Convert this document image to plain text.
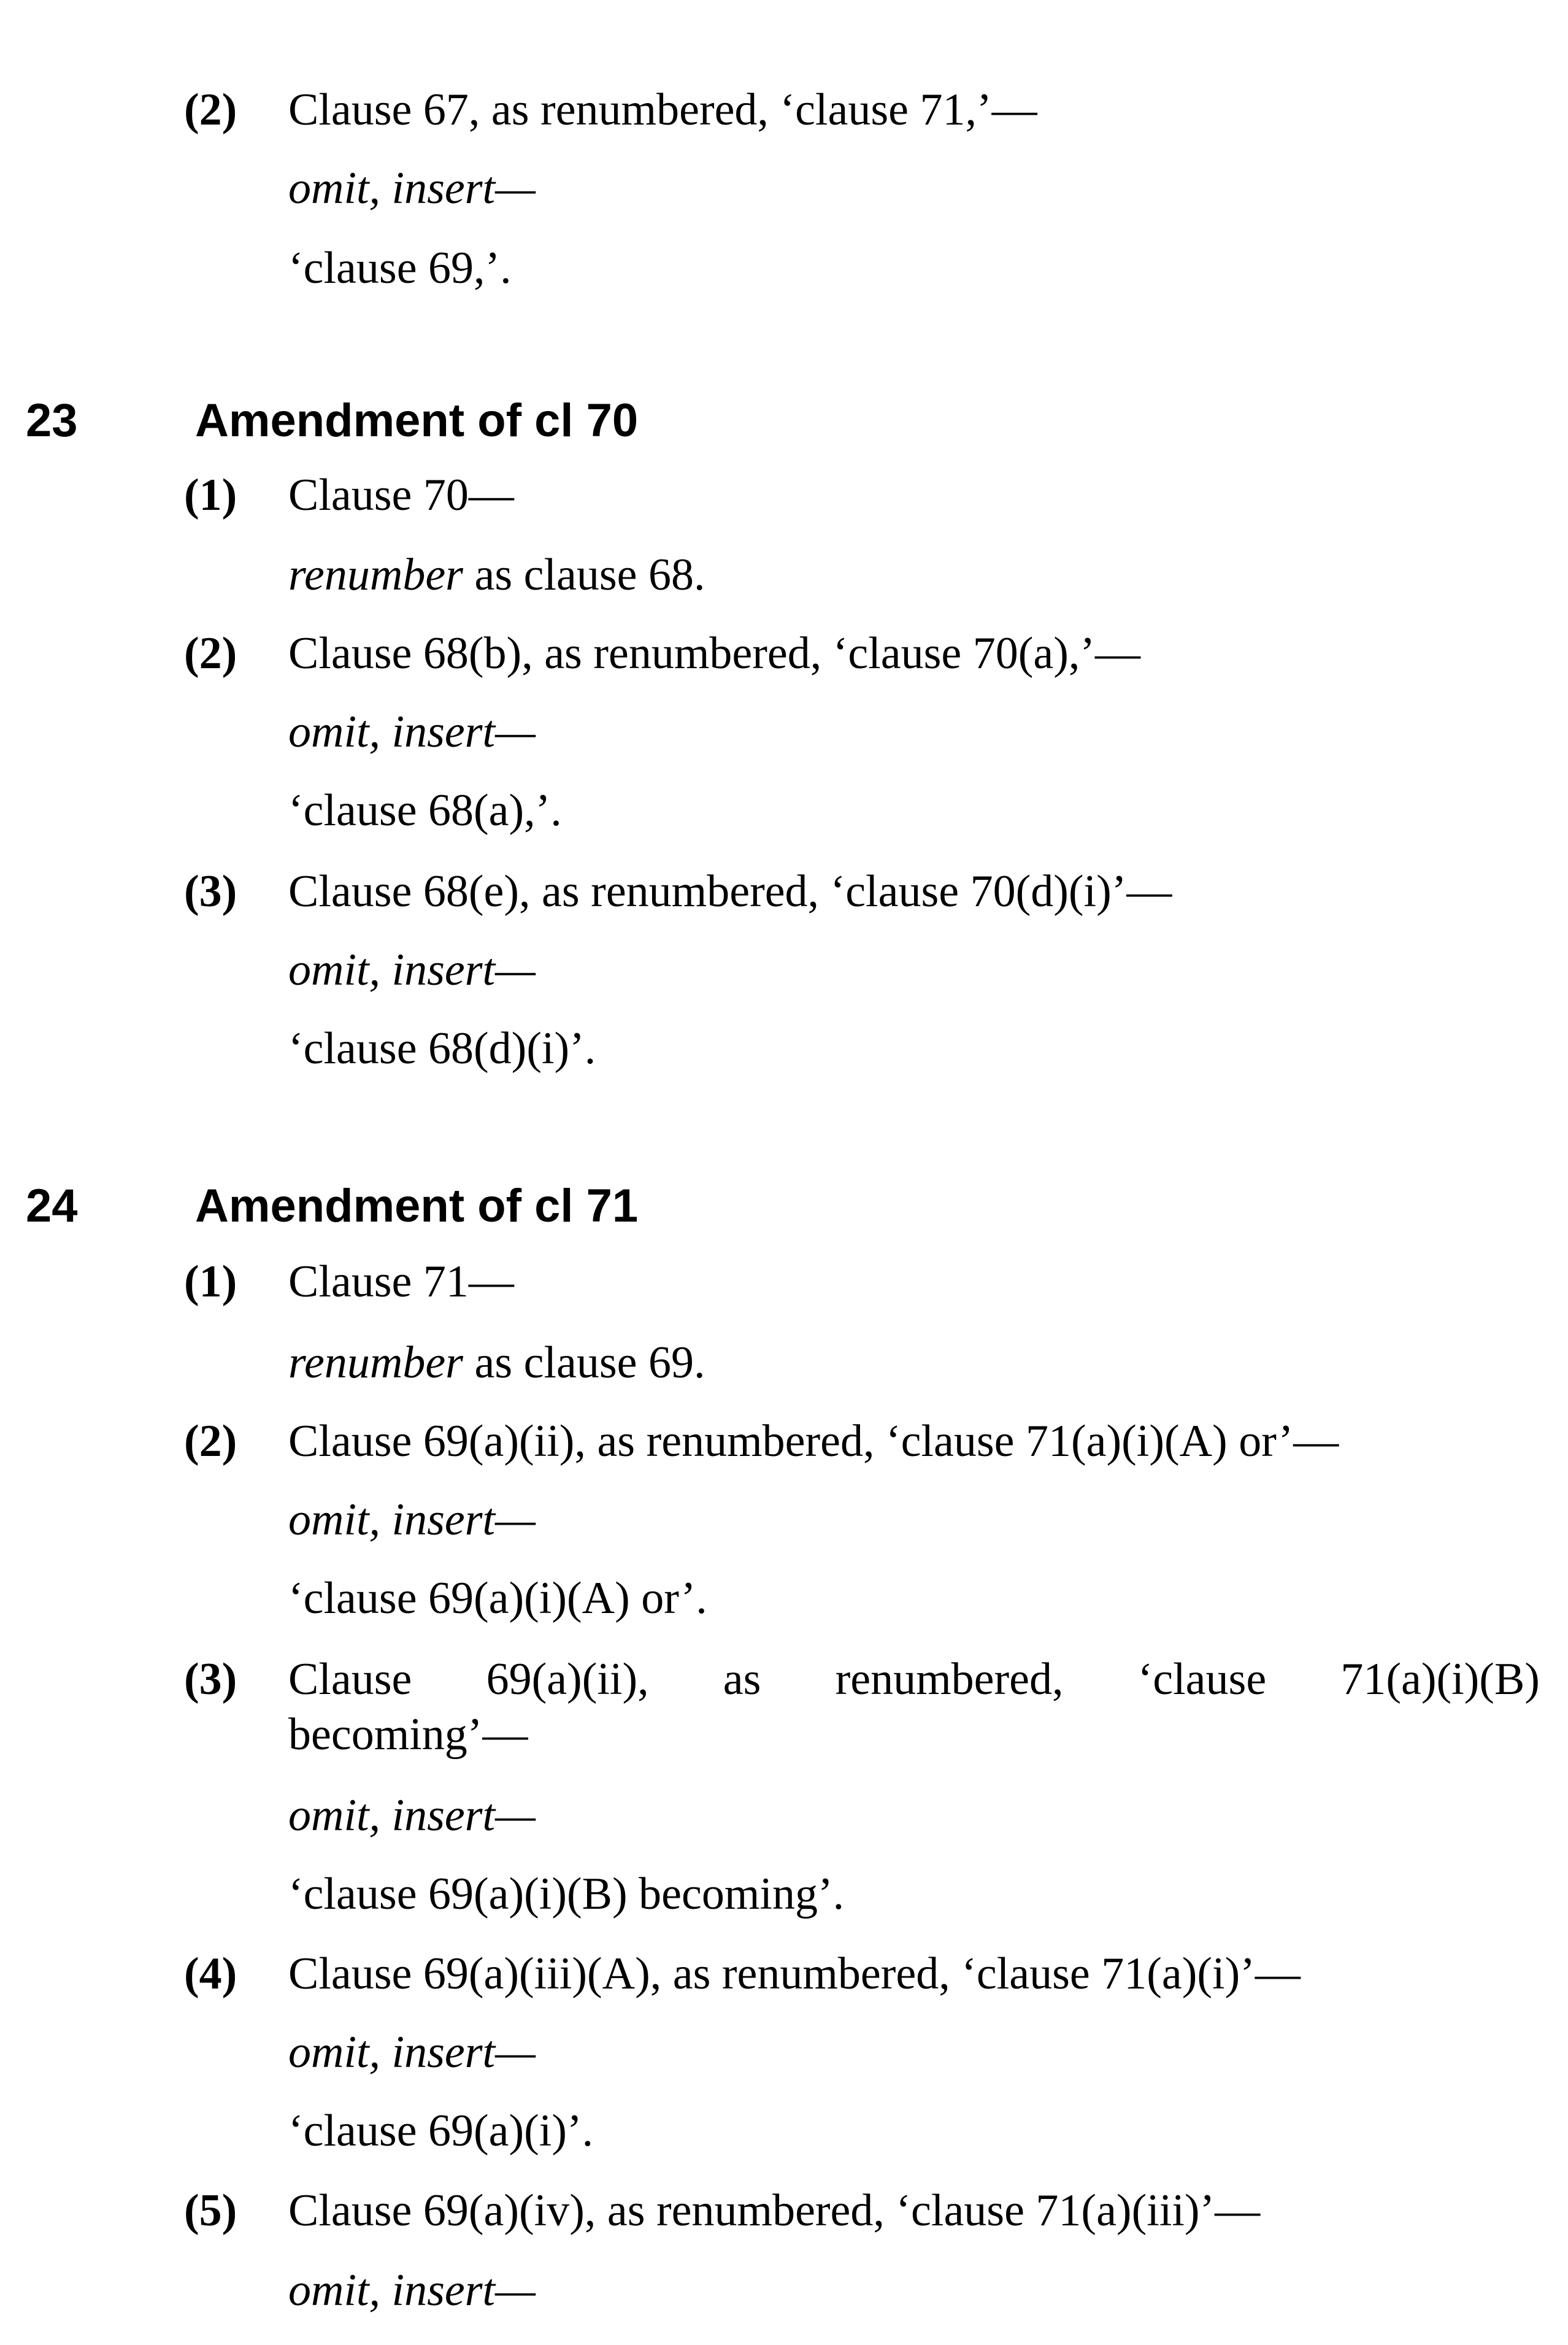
(2) Clause 67, as renumbered, ‘clause 71,’—
omit, insert—
‘clause 69,’.
23	Amendment of cl 70
(1) Clause 70—
renumber as clause 68.
(2) Clause 68(b), as renumbered, ‘clause 70(a),’—
omit, insert—
‘clause 68(a),’.
(3) Clause 68(e), as renumbered, ‘clause 70(d)(i)’—
omit, insert—
‘clause 68(d)(i)’.
24	Amendment of cl 71
(1) Clause 71—
renumber as clause 69.
(2) Clause 69(a)(ii), as renumbered, ‘clause 71(a)(i)(A) or’—
omit, insert—
‘clause 69(a)(i)(A) or’.
(3) Clause 69(a)(ii), as renumbered, ‘clause 71(a)(i)(B)
becoming’—
omit, insert—
‘clause 69(a)(i)(B) becoming’.
(4) Clause 69(a)(iii)(A), as renumbered, ‘clause 71(a)(i)’—
omit, insert—
‘clause 69(a)(i)’.
(5) Clause 69(a)(iv), as renumbered, ‘clause 71(a)(iii)’—
omit, insert—
